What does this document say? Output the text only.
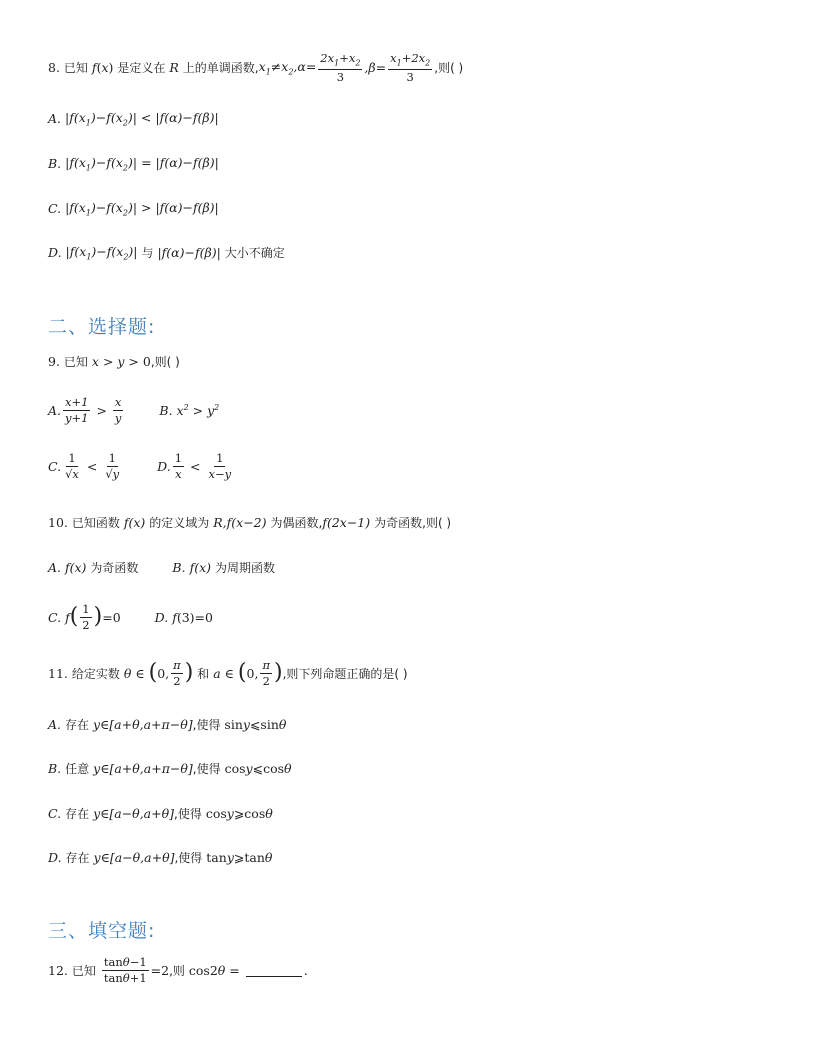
8.
已知
f ( x )
是定义在
R
上的单调函数, $x_1\ne x_2,\alpha= \frac{2x_1+x_2}{3} ,\beta= \frac{x_1+2x_2}{3}$ ,则( )
A. $|f(x_1)-f(x_2)| < |f(\alpha)-f(\beta)|$
B. $|f(x_1)-f(x_2)| = |f(\alpha)-f(\beta)|$
C. $|f(x_1)-f(x_2)| > |f(\alpha)-f(\beta)|$
D. $|f(x_1)-f(x_2)|$ 与 |f(α)−f(β)| 大小不确定
二、选择题:
9.
已知
x > y > 0 ,则( )
A. $\frac{x+1}{y+1} > \frac{x}{y}$	B. $x^2 > y^2$
C. $\frac{1}{√x} < \frac{1}{√y}$	D. $\frac{1}{x} < \frac{1}{x-y}$
10.
已知函数 f(x) 的定义域为 R,f(x−2) 为偶函数, f(2x−1) 为奇函数,则( )
A. f(x) 为奇函数	B. f(x) 为周期函数
C. f ( $\frac{1}{2}$ ) =0	D. f (3)=0
11.
给定实数 θ ∈ ( 0, $\frac{\pi}{2}$ )
和 a ∈ ( 0, $\frac{\pi}{2}$ ) ,则下列命题正确的是( )
A.
存在 y∈[a+θ,a+π−θ] ,使得 siny⩽sinθ
B.
任意 y∈[a+θ,a+π−θ] ,使得 cosy⩽cosθ
C.
存在 y∈[a−θ,a+θ] ,使得 cosy⩾cosθ
D.
存在 y∈[a−θ,a+θ] ,使得 tany⩾tanθ
三、填空题:
12.
已知
$\frac{\tan\theta-1}{\tan\theta+1} =2$ ,则 cos2θ =	.
